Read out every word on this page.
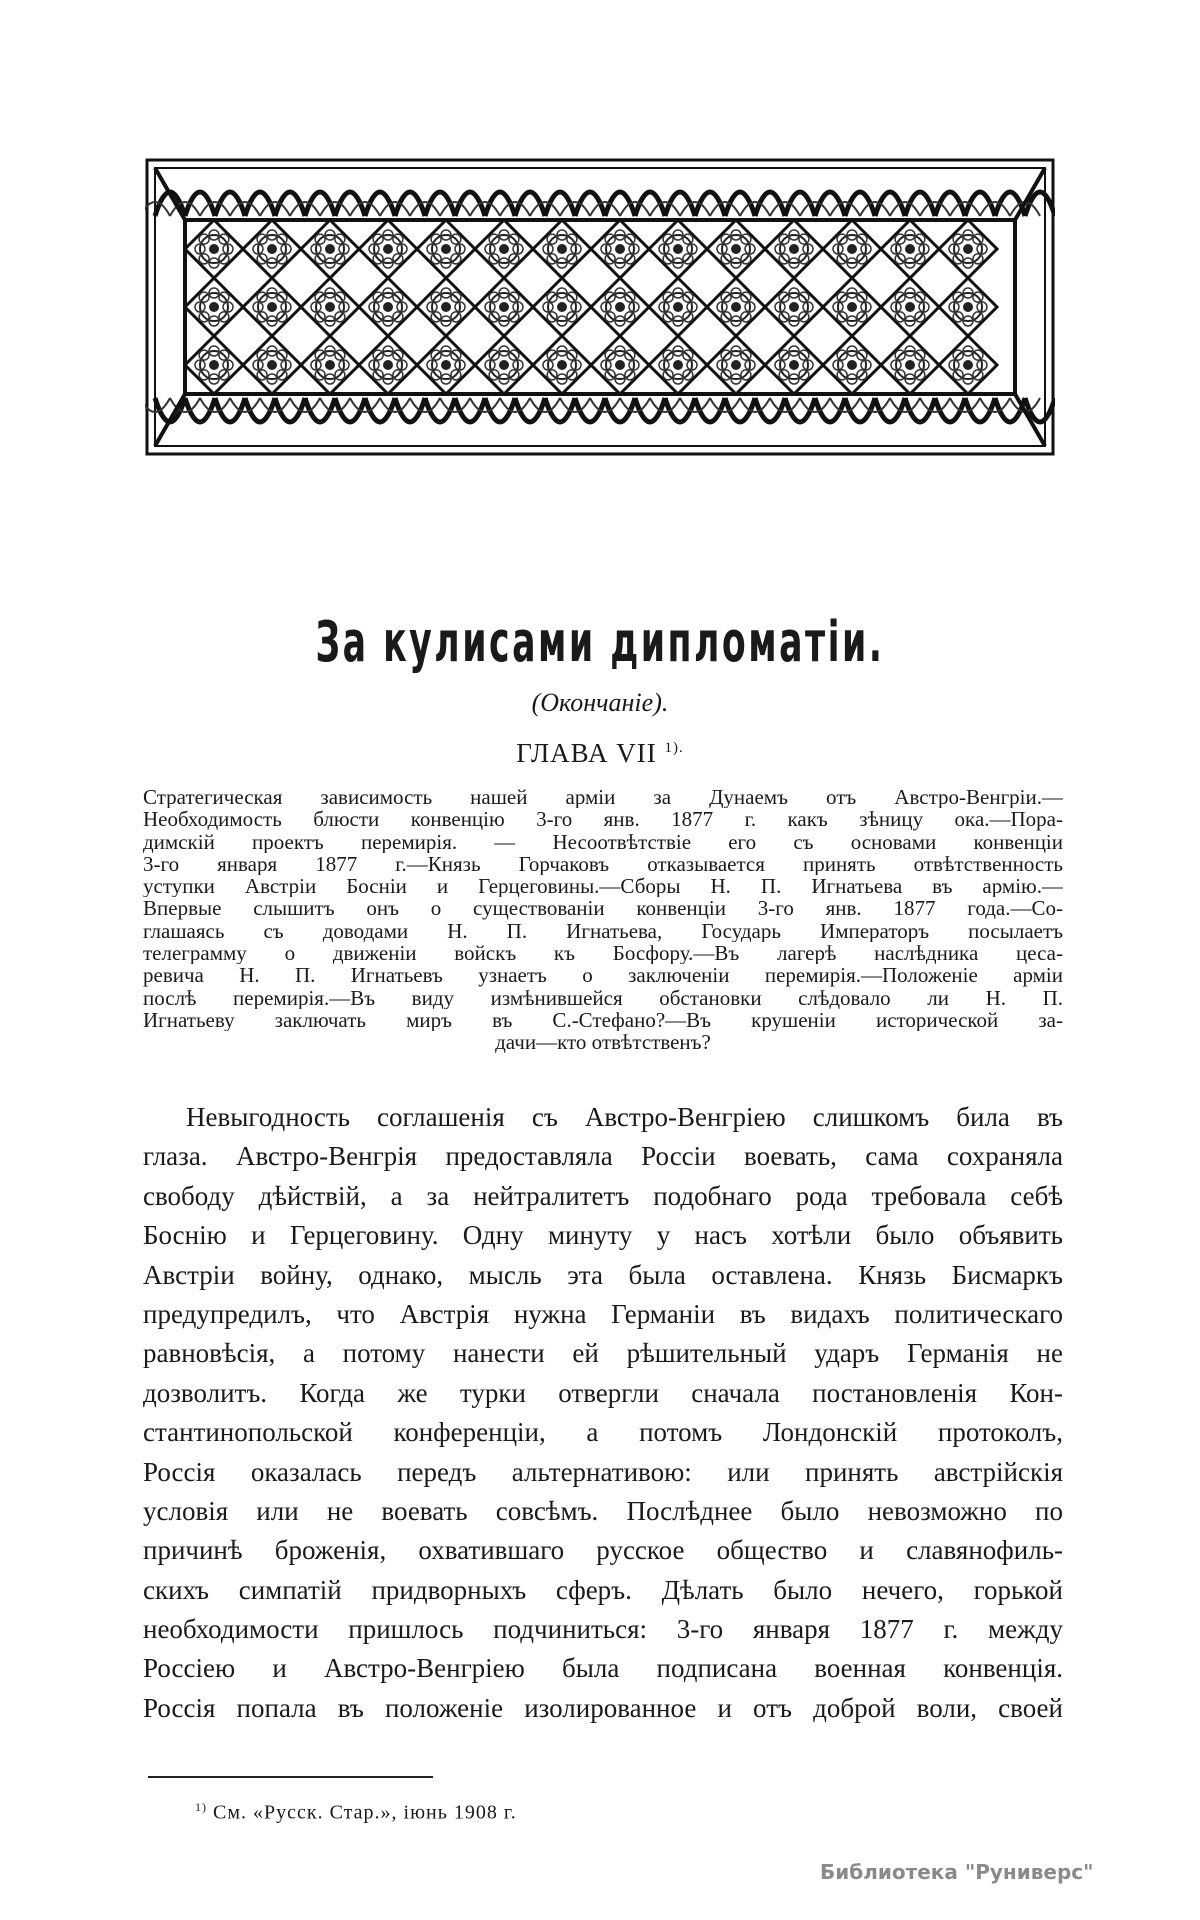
За кулисами дипломатіи.
(Окончаніе).
ГЛАВА VII $^{1).}$
Стратегическая зависимость нашей арміи за Дунаемъ отъ Австро-Венгріи.—
Необходимость блюсти конвенцію 3-го янв. 1877 г. какъ зѣницу ока.—Пора-
димскій проектъ перемирія. — Несоотвѣтствіе его съ основами конвенціи
3-го января 1877 г.—Князь Горчаковъ отказывается принять отвѣтственность
уступки Австріи Босніи и Герцеговины.—Сборы Н. П. Игнатьева въ армію.—
Впервые слышитъ онъ о существованіи конвенціи 3-го янв. 1877 года.—Со-
глашаясь съ доводами Н. П. Игнатьева, Государь Императоръ посылаетъ
телеграмму о движеніи войскъ къ Босфору.—Въ лагерѣ наслѣдника цеса-
ревича Н. П. Игнатьевъ узнаетъ о заключеніи перемирія.—Положеніе арміи
послѣ перемирія.—Въ виду измѣнившейся обстановки слѣдовало ли Н. П.
Игнатьеву заключать миръ въ С.-Стефано?—Въ крушеніи исторической за-
дачи—кто отвѣтственъ?
Невыгодность соглашенія съ Австро-Венгріею слишкомъ била въ
глаза. Австро-Венгрія предоставляла Россіи воевать, сама сохраняла
свободу дѣйствій, а за нейтралитетъ подобнаго рода требовала себѣ
Боснію и Герцеговину. Одну минуту у насъ хотѣли было объявить
Австріи войну, однако, мысль эта была оставлена. Князь Бисмаркъ
предупредилъ, что Австрія нужна Германіи въ видахъ политическаго
равновѣсія, а потому нанести ей рѣшительный ударъ Германія не
дозволитъ. Когда же турки отвергли сначала постановленія Кон-
стантинопольской конференціи, а потомъ Лондонскій протоколъ,
Россія оказалась передъ альтернативою: или принять австрійскія
условія или не воевать совсѣмъ. Послѣднее было невозможно по
причинѣ броженія, охватившаго русское общество и славянофиль-
скихъ симпатій придворныхъ сферъ. Дѣлать было нечего, горькой
необходимости пришлось подчиниться: 3-го января 1877 г. между
Россіею и Австро-Венгріею была подписана военная конвенція.
Россія попала въ положеніе изолированное и отъ доброй воли, своей
$^{1)}$ См. «Русск. Стар.», іюнь 1908 г.
Библиотека "Руниверс"
